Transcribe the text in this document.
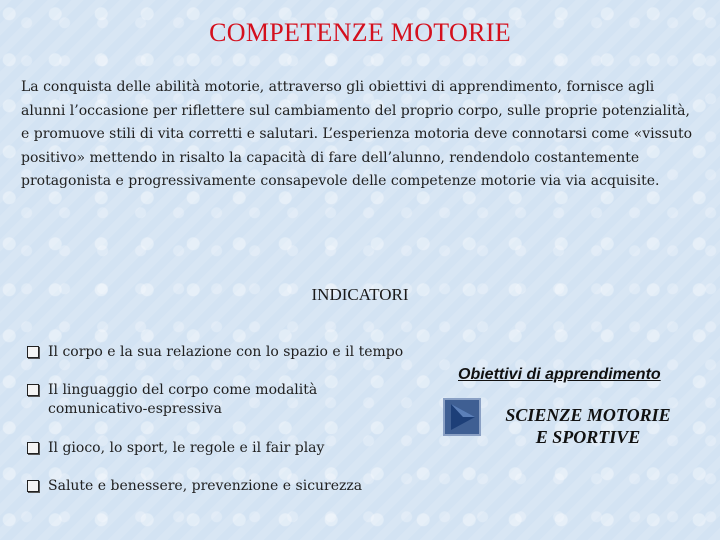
COMPETENZE MOTORIE

La conquista delle abilità motorie, attraverso gli obiettivi di apprendimento, fornisce agli alunni l’occasione per riflettere sul cambiamento del proprio corpo, sulle proprie potenzialità, e promuove stili di vita corretti e salutari. L’esperienza motoria deve connotarsi come «vissuto positivo» mettendo in risalto la capacità di fare dell’alunno, rendendolo costantemente protagonista e progressivamente consapevole delle competenze motorie via via acquisite.

INDICATORI
Il corpo e la sua relazione con lo spazio e il tempo
Il linguaggio del corpo come modalità comunicativo-espressiva
Il gioco, lo sport, le regole e il fair play
Salute e benessere, prevenzione e sicurezza
Obiettivi di apprendimento
SCIENZE MOTORIE
E SPORTIVE
